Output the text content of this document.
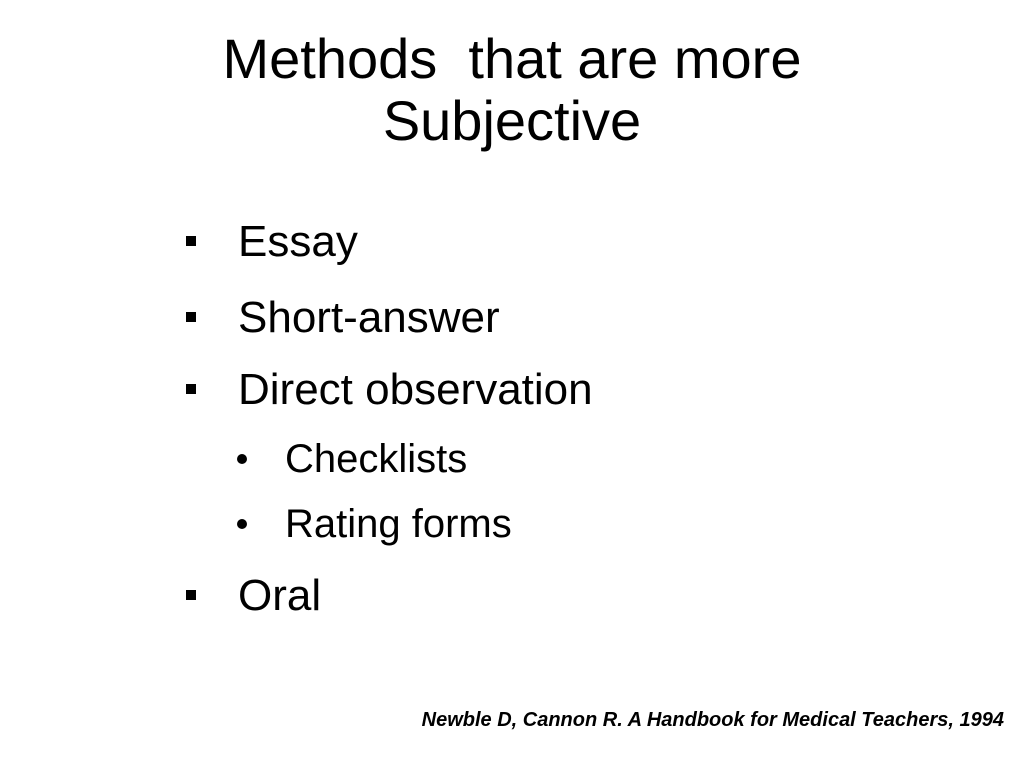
Methods  that are more
Subjective
Essay
Short-answer
Direct observation
Checklists
Rating forms
Oral
Newble D, Cannon R. A Handbook for Medical Teachers, 1994
